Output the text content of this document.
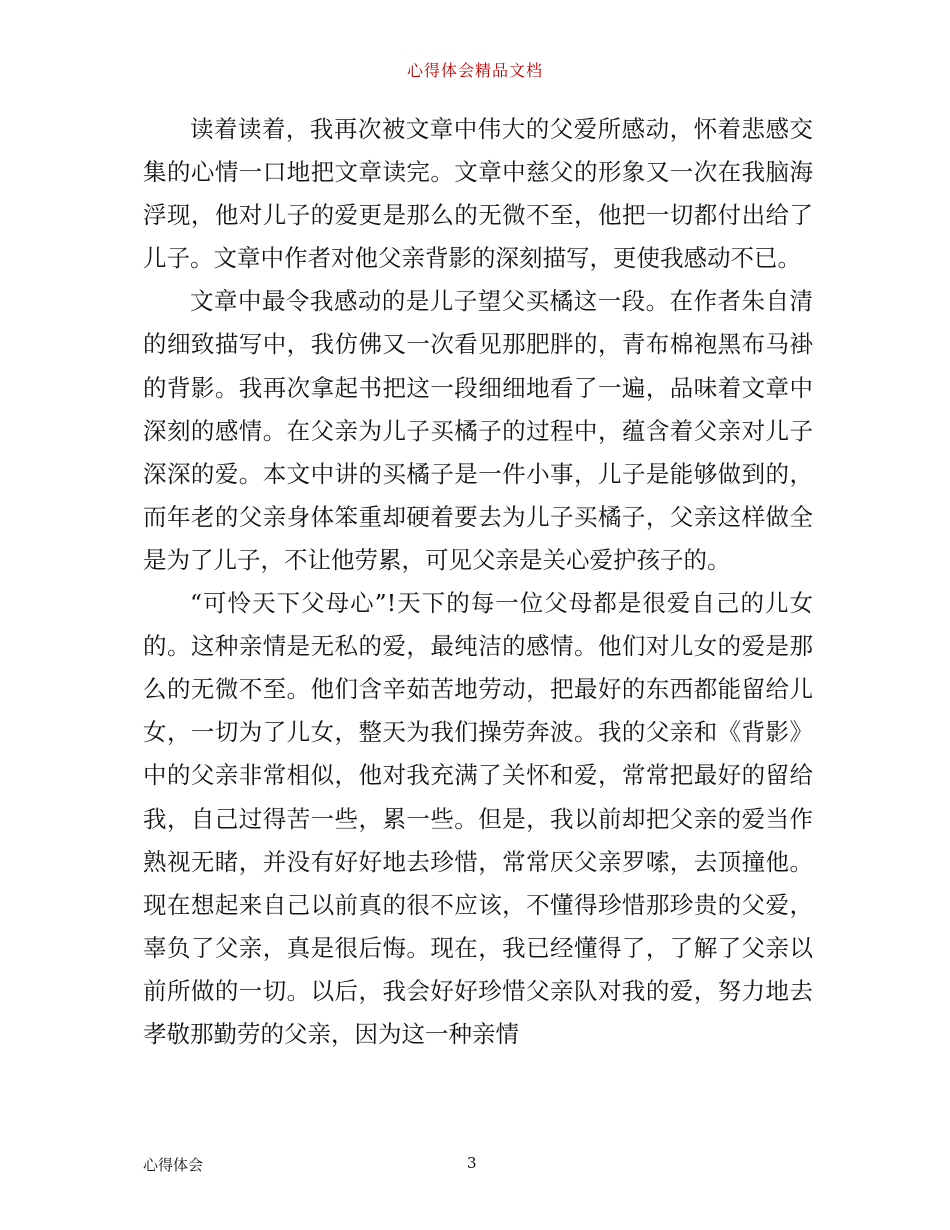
心得体会精品文档

读着读着，我再次被文章中伟大的父爱所感动，怀着悲感交集的心情一口地把文章读完。文章中慈父的形象又一次在我脑海浮现，他对儿子的爱更是那么的无微不至，他把一切都付出给了儿子。文章中作者对他父亲背影的深刻描写，更使我感动不已。

文章中最令我感动的是儿子望父买橘这一段。在作者朱自清的细致描写中，我仿佛又一次看见那肥胖的，青布棉袍黑布马褂的背影。我再次拿起书把这一段细细地看了一遍，品味着文章中深刻的感情。在父亲为儿子买橘子的过程中，蕴含着父亲对儿子深深的爱。本文中讲的买橘子是一件小事，儿子是能够做到的，而年老的父亲身体笨重却硬着要去为儿子买橘子，父亲这样做全是为了儿子，不让他劳累，可见父亲是关心爱护孩子的。

“可怜天下父母心”!天下的每一位父母都是很爱自己的儿女的。这种亲情是无私的爱，最纯洁的感情。他们对儿女的爱是那么的无微不至。他们含辛茹苦地劳动，把最好的东西都能留给儿女，一切为了儿女，整天为我们操劳奔波。我的父亲和《背影》中的父亲非常相似，他对我充满了关怀和爱，常常把最好的留给我，自己过得苦一些，累一些。但是，我以前却把父亲的爱当作熟视无睹，并没有好好地去珍惜，常常厌父亲罗嗦，去顶撞他。现在想起来自己以前真的很不应该，不懂得珍惜那珍贵的父爱，辜负了父亲，真是很后悔。现在，我已经懂得了，了解了父亲以前所做的一切。以后，我会好好珍惜父亲队对我的爱，努力地去孝敬那勤劳的父亲，因为这一种亲情

心得体会	3
